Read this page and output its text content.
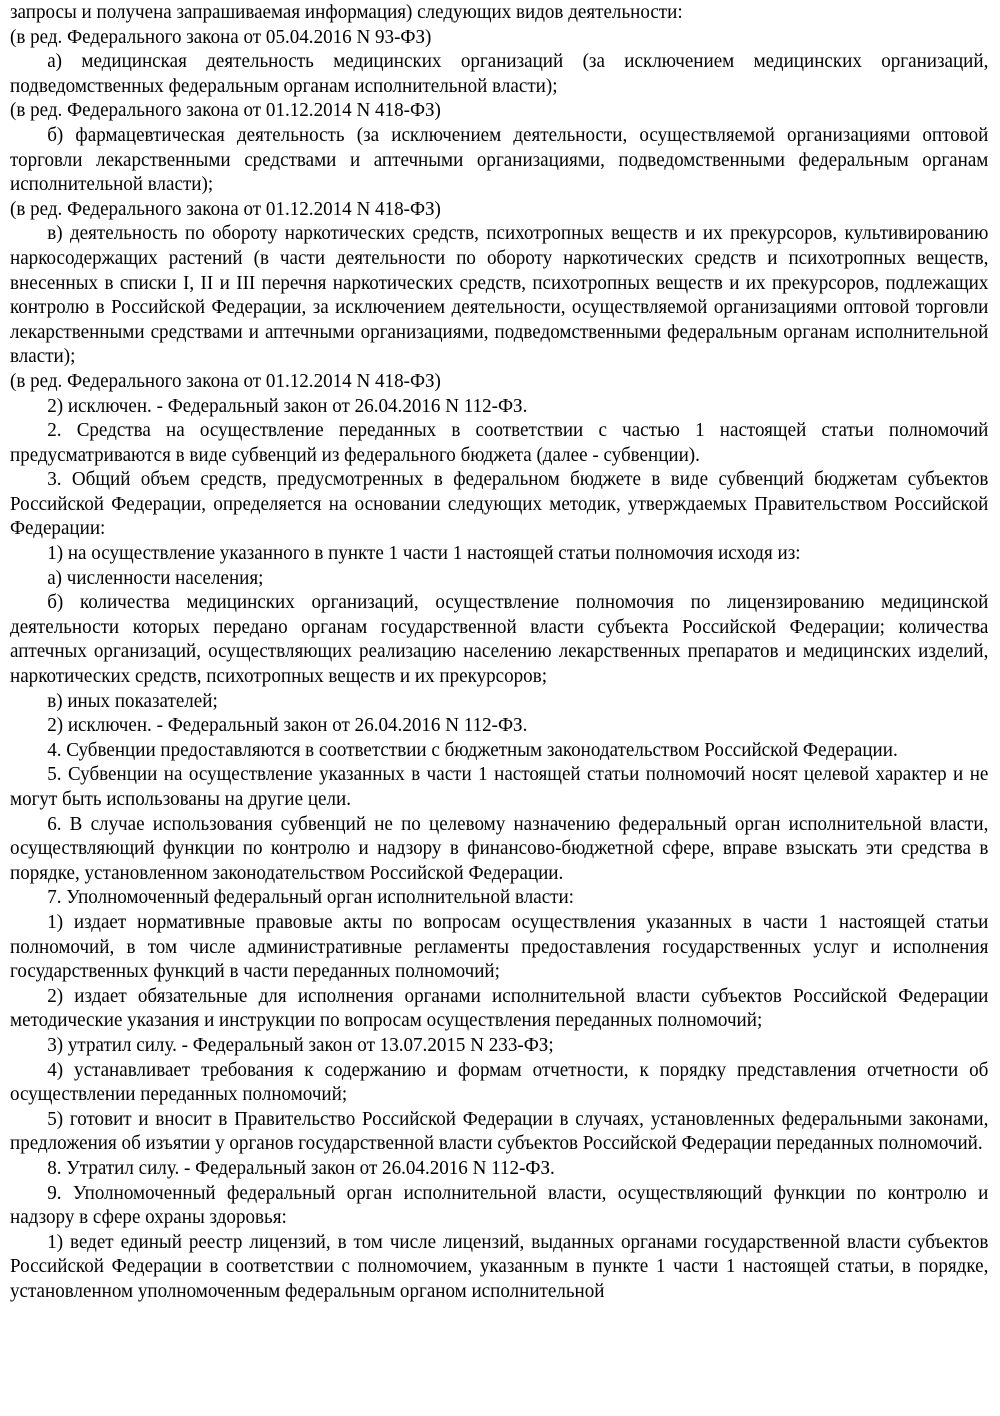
запросы и получена запрашиваемая информация) следующих видов деятельности:

(в ред. Федерального закона от 05.04.2016 N 93-ФЗ)

а) медицинская деятельность медицинских организаций (за исключением медицинских организаций, подведомственных федеральным органам исполнительной власти);

(в ред. Федерального закона от 01.12.2014 N 418-ФЗ)

б) фармацевтическая деятельность (за исключением деятельности, осуществляемой организациями оптовой торговли лекарственными средствами и аптечными организациями, подведомственными федеральным органам исполнительной власти);

(в ред. Федерального закона от 01.12.2014 N 418-ФЗ)

в) деятельность по обороту наркотических средств, психотропных веществ и их прекурсоров, культивированию наркосодержащих растений (в части деятельности по обороту наркотических средств и психотропных веществ, внесенных в списки I, II и III перечня наркотических средств, психотропных веществ и их прекурсоров, подлежащих контролю в Российской Федерации, за исключением деятельности, осуществляемой организациями оптовой торговли лекарственными средствами и аптечными организациями, подведомственными федеральным органам исполнительной власти);

(в ред. Федерального закона от 01.12.2014 N 418-ФЗ)

2) исключен. - Федеральный закон от 26.04.2016 N 112-ФЗ.

2. Средства на осуществление переданных в соответствии с частью 1 настоящей статьи полномочий предусматриваются в виде субвенций из федерального бюджета (далее - субвенции).

3. Общий объем средств, предусмотренных в федеральном бюджете в виде субвенций бюджетам субъектов Российской Федерации, определяется на основании следующих методик, утверждаемых Правительством Российской Федерации:

1) на осуществление указанного в пункте 1 части 1 настоящей статьи полномочия исходя из:

а) численности населения;

б) количества медицинских организаций, осуществление полномочия по лицензированию медицинской деятельности которых передано органам государственной власти субъекта Российской Федерации; количества аптечных организаций, осуществляющих реализацию населению лекарственных препаратов и медицинских изделий, наркотических средств, психотропных веществ и их прекурсоров;

в) иных показателей;

2) исключен. - Федеральный закон от 26.04.2016 N 112-ФЗ.

4. Субвенции предоставляются в соответствии с бюджетным законодательством Российской Федерации.

5. Субвенции на осуществление указанных в части 1 настоящей статьи полномочий носят целевой характер и не могут быть использованы на другие цели.

6. В случае использования субвенций не по целевому назначению федеральный орган исполнительной власти, осуществляющий функции по контролю и надзору в финансово-бюджетной сфере, вправе взыскать эти средства в порядке, установленном законодательством Российской Федерации.

7. Уполномоченный федеральный орган исполнительной власти:

1) издает нормативные правовые акты по вопросам осуществления указанных в части 1 настоящей статьи полномочий, в том числе административные регламенты предоставления государственных услуг и исполнения государственных функций в части переданных полномочий;

2) издает обязательные для исполнения органами исполнительной власти субъектов Российской Федерации методические указания и инструкции по вопросам осуществления переданных полномочий;

3) утратил силу. - Федеральный закон от 13.07.2015 N 233-ФЗ;

4) устанавливает требования к содержанию и формам отчетности, к порядку представления отчетности об осуществлении переданных полномочий;

5) готовит и вносит в Правительство Российской Федерации в случаях, установленных федеральными законами, предложения об изъятии у органов государственной власти субъектов Российской Федерации переданных полномочий.

8. Утратил силу. - Федеральный закон от 26.04.2016 N 112-ФЗ.

9. Уполномоченный федеральный орган исполнительной власти, осуществляющий функции по контролю и надзору в сфере охраны здоровья:

1) ведет единый реестр лицензий, в том числе лицензий, выданных органами государственной власти субъектов Российской Федерации в соответствии с полномочием, указанным в пункте 1 части 1 настоящей статьи, в порядке, установленном уполномоченным федеральным органом исполнительной
